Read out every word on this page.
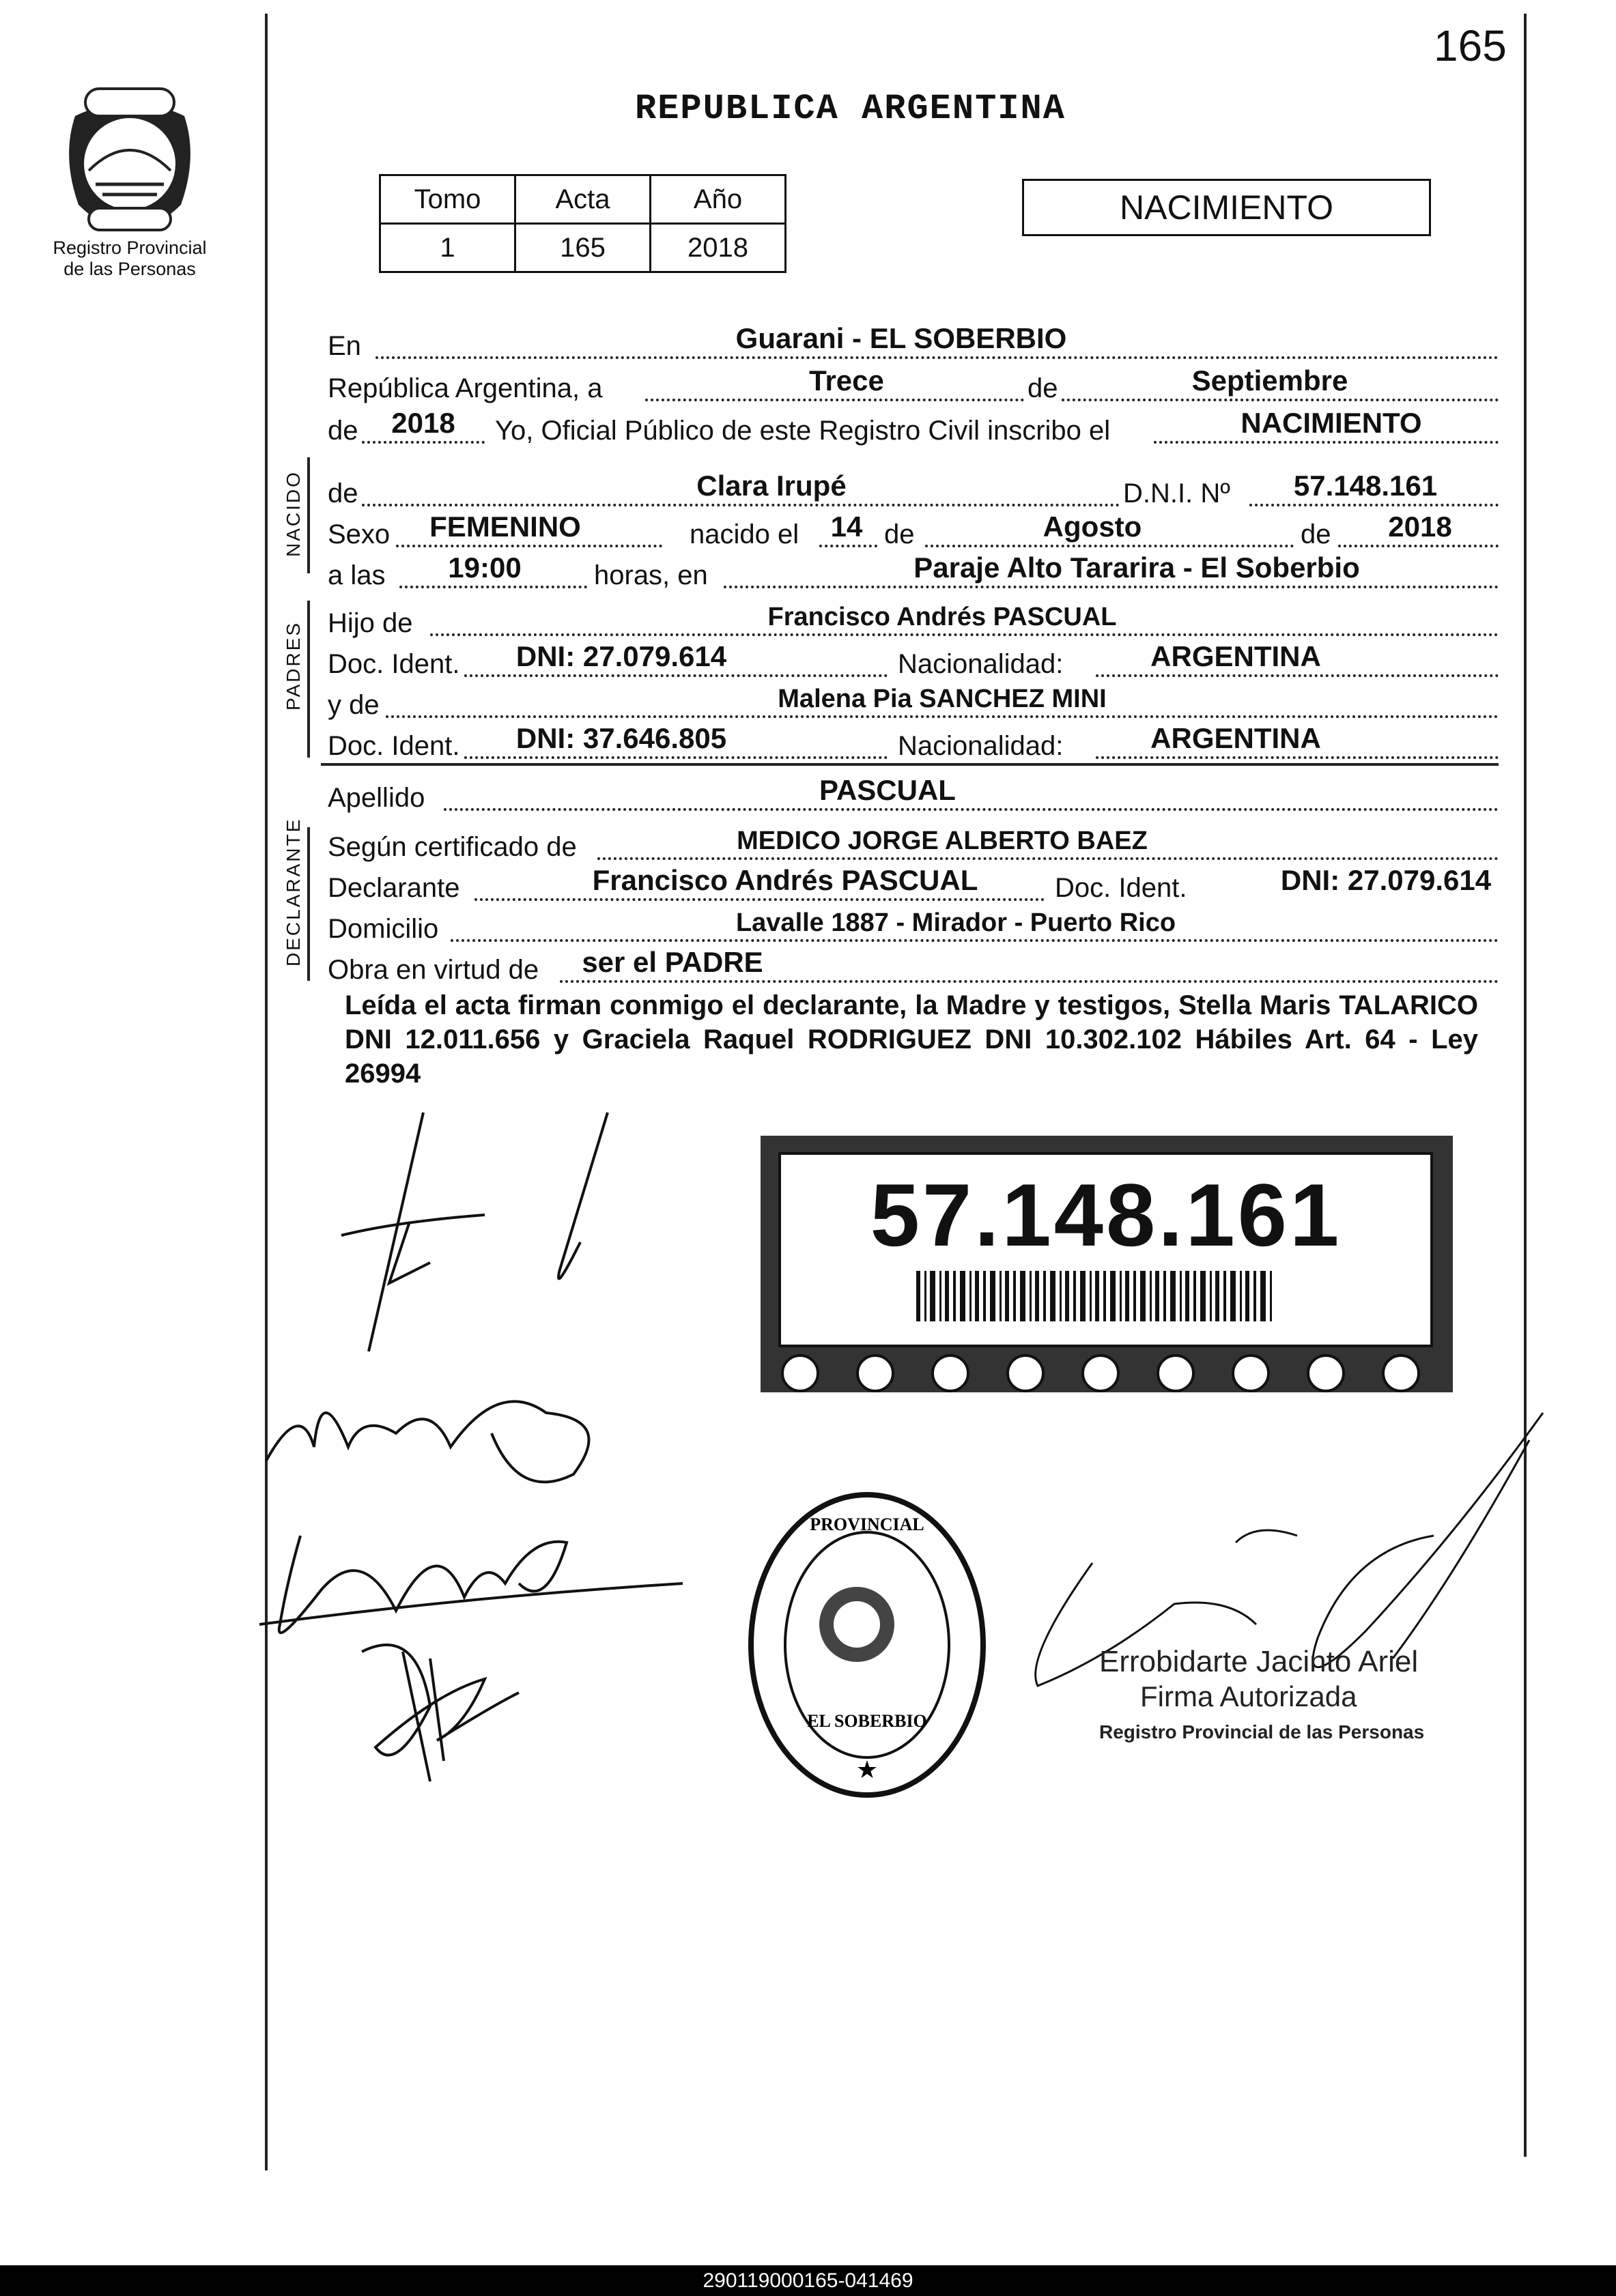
165
Registro Provincial
de las Personas
REPUBLICA ARGENTINA
Tomo	Acta	Año
1	165	2018
NACIMIENTO
En	Guarani - EL SOBERBIO
República Argentina, a	Trece	de	Septiembre
de	2018	Yo, Oficial Público de este Registro Civil inscribo el	NACIMIENTO
NACIDO de	Clara Irupé	D.N.I. Nº	57.148.161
Sexo	FEMENINO	nacido el	14 de	Agosto	de	2018
a las	19:00	horas, en	Paraje Alto Tararira - El Soberbio
PADRES Hijo de	Francisco Andrés PASCUAL
Doc. Ident.	DNI: 27.079.614	Nacionalidad:	ARGENTINA
y de	Malena Pia SANCHEZ MINI
Doc. Ident.	DNI: 37.646.805	Nacionalidad:	ARGENTINA
Apellido	PASCUAL
DECLARANTE Según certificado de	MEDICO JORGE ALBERTO BAEZ
Declarante	Francisco Andrés PASCUAL	Doc. Ident.	DNI: 27.079.614
Domicilio	Lavalle 1887 - Mirador - Puerto Rico
Obra en virtud de	ser el PADRE
Leída el acta firman conmigo el declarante, la Madre y testigos, Stella Maris TALARICO DNI 12.011.656 y Graciela Raquel RODRIGUEZ DNI 10.302.102 Hábiles Art. 64 - Ley 26994
57.148.161
PROVINCIAL
EL SOBERBIO
★
Errobidarte Jacinto Ariel
Firma Autorizada
Registro Provincial de las Personas
290119000165-041469
